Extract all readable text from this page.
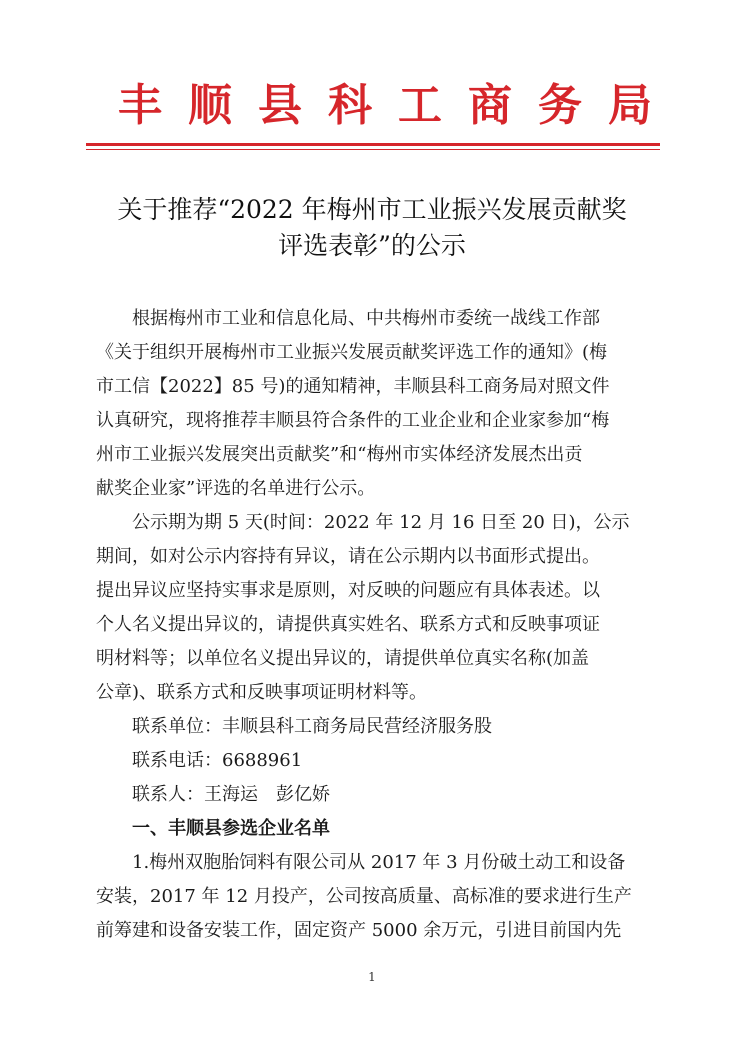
丰顺县科工商务局
关于推荐“2022 年梅州市工业振兴发展贡献奖
评选表彰”的公示
根据梅州市工业和信息化局、中共梅州市委统一战线工作部
《关于组织开展梅州市工业振兴发展贡献奖评选工作的通知》(梅
市工信【2022】85 号)的通知精神，丰顺县科工商务局对照文件
认真研究，现将推荐丰顺县符合条件的工业企业和企业家参加“梅
州市工业振兴发展突出贡献奖”和“梅州市实体经济发展杰出贡
献奖企业家”评选的名单进行公示。
公示期为期 5 天(时间：2022 年 12 月 16 日至 20 日)，公示
期间，如对公示内容持有异议，请在公示期内以书面形式提出。
提出异议应坚持实事求是原则，对反映的问题应有具体表述。以
个人名义提出异议的，请提供真实姓名、联系方式和反映事项证
明材料等；以单位名义提出异议的，请提供单位真实名称(加盖
公章)、联系方式和反映事项证明材料等。
联系单位：丰顺县科工商务局民营经济服务股
联系电话：6688961
联系人：王海运　彭亿娇
一、丰顺县参选企业名单
1.梅州双胞胎饲料有限公司从 2017 年 3 月份破土动工和设备
安装，2017 年 12 月投产，公司按高质量、高标准的要求进行生产
前筹建和设备安装工作，固定资产 5000 余万元，引进目前国内先
1
